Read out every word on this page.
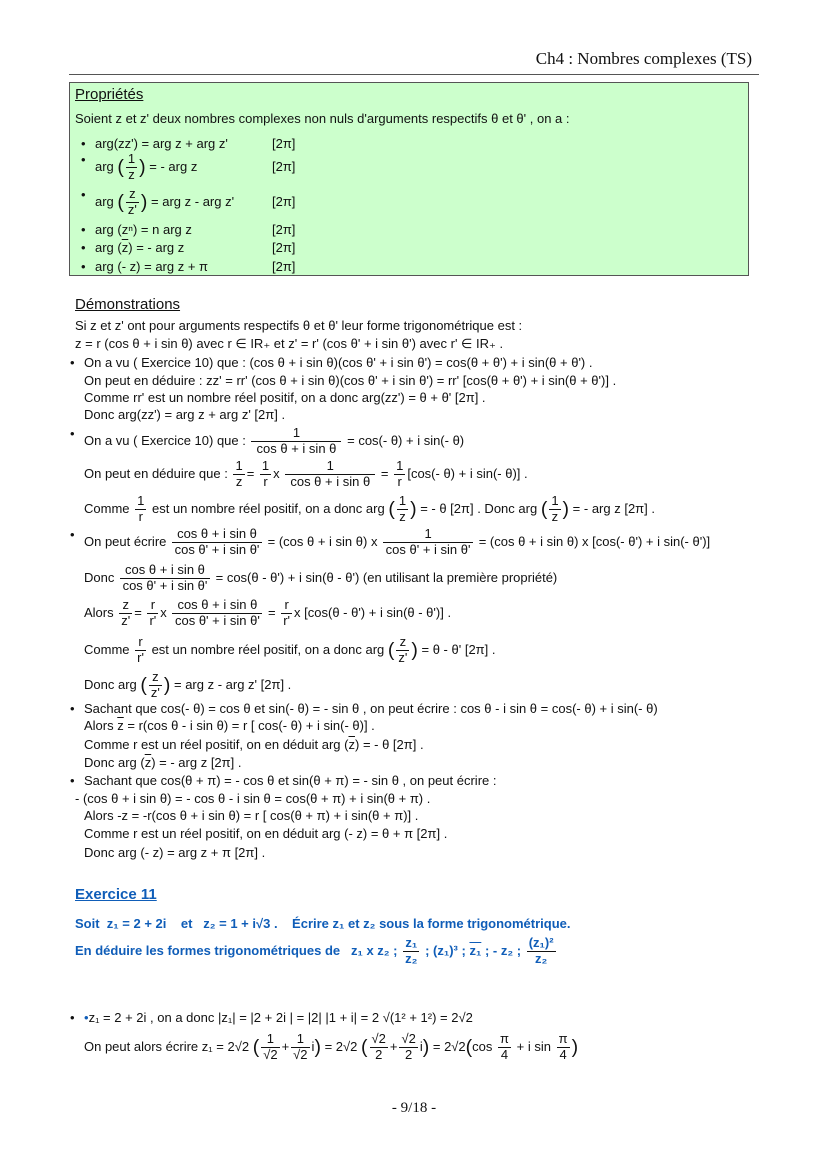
Ch4 : Nombres complexes (TS)
Propriétés
Soient z et z' deux nombres complexes non nuls d'arguments respectifs θ et θ' , on a :
• arg(zz') = arg z + arg z'	[2π]
• arg ( $\frac{1}{z}$ ) = - arg z	[2π]
• arg ( $\frac{z}{z'}$ ) = arg z - arg z'	[2π]
• arg (zⁿ) = n arg z	[2π]
• arg $(\overline{z})$ = - arg z	[2π]
• arg (- z) = arg z + π	[2π]
Démonstrations
Si z et z' ont pour arguments respectifs θ et θ' leur forme trigonométrique est :
z = r (cos θ + i sin θ) avec r ∈ IR₊ et z' = r' (cos θ' + i sin θ') avec r' ∈ IR₊ .
• On a vu ( Exercice 10) que : (cos θ + i sin θ)(cos θ' + i sin θ') = cos(θ + θ') + i sin(θ + θ') .
On peut en déduire : zz' = rr' (cos θ + i sin θ)(cos θ' + i sin θ') = rr' [cos(θ + θ') + i sin(θ + θ')] .
Comme rr' est un nombre réel positif, on a donc arg(zz') = θ + θ' [2π] .
Donc arg(zz') = arg z + arg z' [2π] .
• On a vu ( Exercice 10) que : $\frac{1}{\text{cos θ + i sin θ}} = \cos(-$ θ) + i sin(- θ)
On peut en déduire que : $\frac{1}{z} = \frac{1}{r}$ x $\frac{1}{\text{cos θ + i sin θ}} = \frac{1}{r} [\cos(-$ θ) + i sin(- θ)] .
Comme $\frac{1}{r}$ est un nombre réel positif, on a donc arg ( $\frac{1}{z}$ ) = - θ [2π] . Donc arg ( $\frac{1}{z}$ ) = - arg z [2π] .
• On peut écrire $\frac{\text{cos θ + i sin θ}}{\text{cos θ' + i sin θ'}} = (\cos$ θ + i sin θ) x $\frac{1}{\text{cos θ' + i sin θ'}} = (\cos$ θ + i sin θ) x [cos(- θ') + i sin(- θ')]
Donc $\frac{\text{cos θ + i sin θ}}{\text{cos θ' + i sin θ'}} = \cos(\theta - \theta') + i$ sin(θ - θ') (en utilisant la première propriété)
Alors $\frac{z}{z'} = \frac{r}{r'}$ x $\frac{\text{cos θ + i sin θ}}{\text{cos θ' + i sin θ'}} = \frac{r}{r'}$ x [cos(θ - θ') + i sin(θ - θ')] .
Comme $\frac{r}{r'}$ est un nombre réel positif, on a donc arg ( $\frac{z}{z'}$ ) = θ - θ' [2π] .
Donc arg ( $\frac{z}{z'}$ ) = arg z - arg z' [2π] .
• Sachant que cos(- θ) = cos θ et sin(- θ) = - sin θ , on peut écrire : cos θ - i sin θ = cos(- θ) + i sin(- θ)
Alors $\overline{z} = r(\cos$ θ - i sin θ) = r [ cos(- θ) + i sin(- θ)] .
Comme r est un réel positif, on en déduit arg $(\overline{z})$ = - θ [2π] .
Donc arg $(\overline{z})$ = - arg z [2π] .
• Sachant que cos(θ + π) = - cos θ et sin(θ + π) = - sin θ , on peut écrire :
- (cos θ + i sin θ) = - cos θ - i sin θ = cos(θ + π) + i sin(θ + π) .
Alors -z = -r(cos θ + i sin θ) = r [ cos(θ + π) + i sin(θ + π)] .
Comme r est un réel positif, on en déduit arg (- z) = θ + π [2π] .
Donc arg (- z) = arg z + π [2π] .
Exercice 11
Soit z₁ = 2 + 2i et z₂ = 1 + i√3 . Écrire z₁ et z₂ sous la forme trigonométrique.
En déduire les formes trigonométriques de z₁ x z₂ ; $\frac{\text{z₁}}{\text{z₂}}$ ; (z₁)³ ; z₁ ; - z₂ ; $\frac{\text{(z₁)²}}{\text{z₂}}$
• •z₁ = 2 + 2i , on a donc |z₁| = |2 + 2i | = |2| |1 + i| = 2 √(1² + 1²) = 2√2
On peut alors écrire z₁ = 2√2 ( $\frac{1}{√2} + \frac{1}{√2} i) = 2√2$ ( $\frac{√2}{2} + \frac{√2}{2} i) = 2√2(\cos \frac{\pi}{4} + i$ $\sin \frac{\pi}{4}$ )
- 9/18 -
